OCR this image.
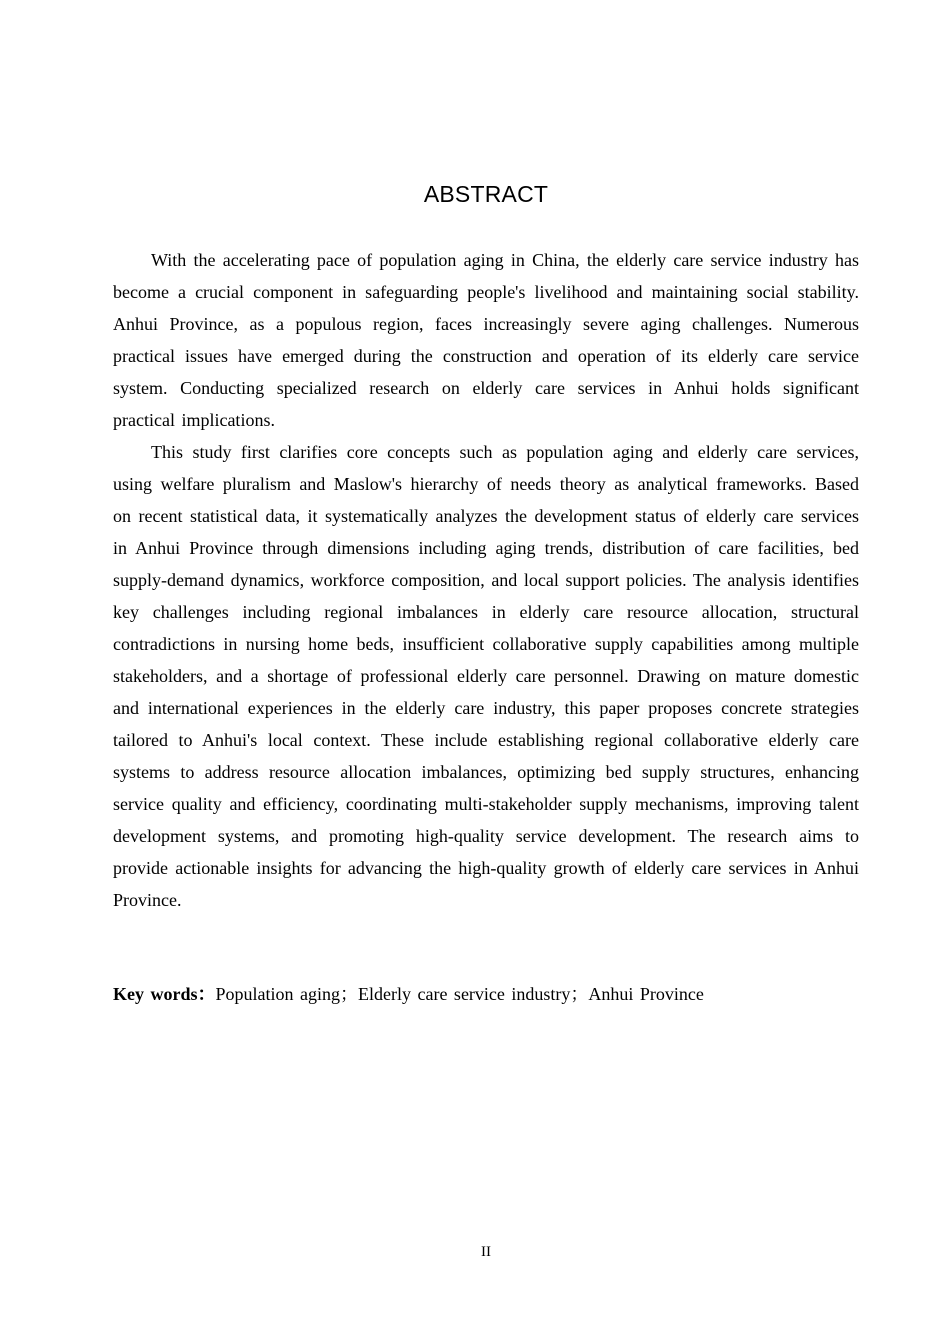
ABSTRACT

With the accelerating pace of population aging in China, the elderly care service industry has become a crucial component in safeguarding people's livelihood and maintaining social stability. Anhui Province, as a populous region, faces increasingly severe aging challenges. Numerous practical issues have emerged during the construction and operation of its elderly care service system. Conducting specialized research on elderly care services in Anhui holds significant practical implications.

This study first clarifies core concepts such as population aging and elderly care services, using welfare pluralism and Maslow's hierarchy of needs theory as analytical frameworks. Based on recent statistical data, it systematically analyzes the development status of elderly care services in Anhui Province through dimensions including aging trends, distribution of care facilities, bed supply-demand dynamics, workforce composition, and local support policies. The analysis identifies key challenges including regional imbalances in elderly care resource allocation, structural contradictions in nursing home beds, insufficient collaborative supply capabilities among multiple stakeholders, and a shortage of professional elderly care personnel. Drawing on mature domestic and international experiences in the elderly care industry, this paper proposes concrete strategies tailored to Anhui's local context. These include establishing regional collaborative elderly care systems to address resource allocation imbalances, optimizing bed supply structures, enhancing service quality and efficiency, coordinating multi-stakeholder supply mechanisms, improving talent development systems, and promoting high-quality service development. The research aims to provide actionable insights for advancing the high-quality growth of elderly care services in Anhui Province.

Key words：Population aging；Elderly care service industry；Anhui Province
II
